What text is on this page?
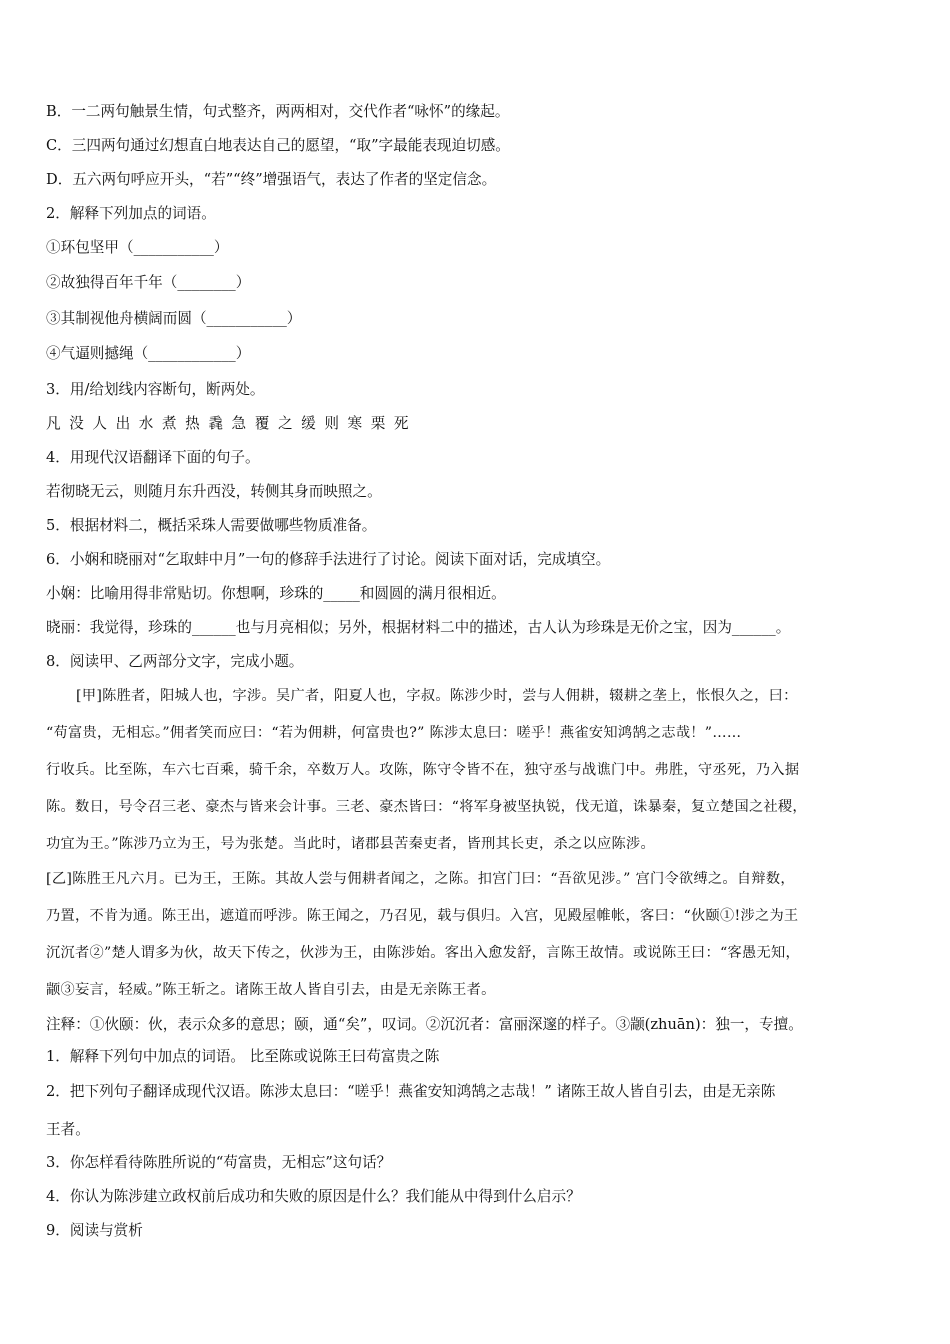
B．一二两句触景生情，句式整齐，两两相对，交代作者“咏怀”的缘起。
C．三四两句通过幻想直白地表达自己的愿望，“取”字最能表现迫切感。
D．五六两句呼应开头，“若”“终”增强语气，表达了作者的坚定信念。
2．解释下列加点的词语。
①环包坚甲（___________）
②故独得百年千年（________）
③其制视他舟横阔而圆（___________）
④气逼则撼绳（____________）
3．用/给划线内容断句，断两处。
凡没人出水煮热毳急覆之缓则寒栗死
4．用现代汉语翻译下面的句子。
若彻晓无云，则随月东升西没，转侧其身而映照之。
5．根据材料二，概括采珠人需要做哪些物质准备。
6．小娴和晓丽对“乞取蚌中月”一句的修辞手法进行了讨论。阅读下面对话，完成填空。
小娴：比喻用得非常贴切。你想啊，珍珠的_____和圆圆的满月很相近。
晓丽：我觉得，珍珠的______也与月亮相似；另外，根据材料二中的描述，古人认为珍珠是无价之宝，因为______。
8．阅读甲、乙两部分文字，完成小题。
[甲]陈胜者，阳城人也，字涉。吴广者，阳夏人也，字叔。陈涉少时，尝与人佣耕，辍耕之垄上，怅恨久之，曰：
“苟富贵，无相忘。”佣者笑而应曰：“若为佣耕，何富贵也?” 陈涉太息曰：嗟乎！燕雀安知鸿鹄之志哉！”……
行收兵。比至陈，车六七百乘，骑千余，卒数万人。攻陈，陈守令皆不在，独守丞与战谯门中。弗胜，守丞死，乃入据
陈。数日，号令召三老、豪杰与皆来会计事。三老、豪杰皆曰：“将军身被坚执锐，伐无道，诛暴秦，复立楚国之社稷，
功宜为王。”陈涉乃立为王，号为张楚。当此时，诸郡县苦秦吏者，皆刑其长吏，杀之以应陈涉。
[乙]陈胜王凡六月。已为王，王陈。其故人尝与佣耕者闻之，之陈。扣宫门曰：“吾欲见涉。” 宫门令欲缚之。自辩数，
乃置，不肯为通。陈王出，遮道而呼涉。陈王闻之，乃召见，载与俱归。入宫，见殿屋帷帐，客曰：“伙颐①!涉之为王
沉沉者②”楚人谓多为伙，故天下传之，伙涉为王，由陈涉始。客出入愈发舒，言陈王故情。或说陈王曰：“客愚无知，
颛③妄言，轻威。”陈王斩之。诸陈王故人皆自引去，由是无亲陈王者。
注释：①伙颐：伙，表示众多的意思；颐，通“矣”，叹词。②沉沉者：富丽深邃的样子。③颛(zhuān)：独一，专擅。
1．解释下列句中加点的词语。 比至陈或说陈王曰苟富贵之陈
2．把下列句子翻译成现代汉语。陈涉太息曰：“嗟乎！燕雀安知鸿鹄之志哉！” 诸陈王故人皆自引去，由是无亲陈
王者。
3．你怎样看待陈胜所说的“苟富贵，无相忘”这句话？
4．你认为陈涉建立政权前后成功和失败的原因是什么？我们能从中得到什么启示？
9．阅读与赏析
